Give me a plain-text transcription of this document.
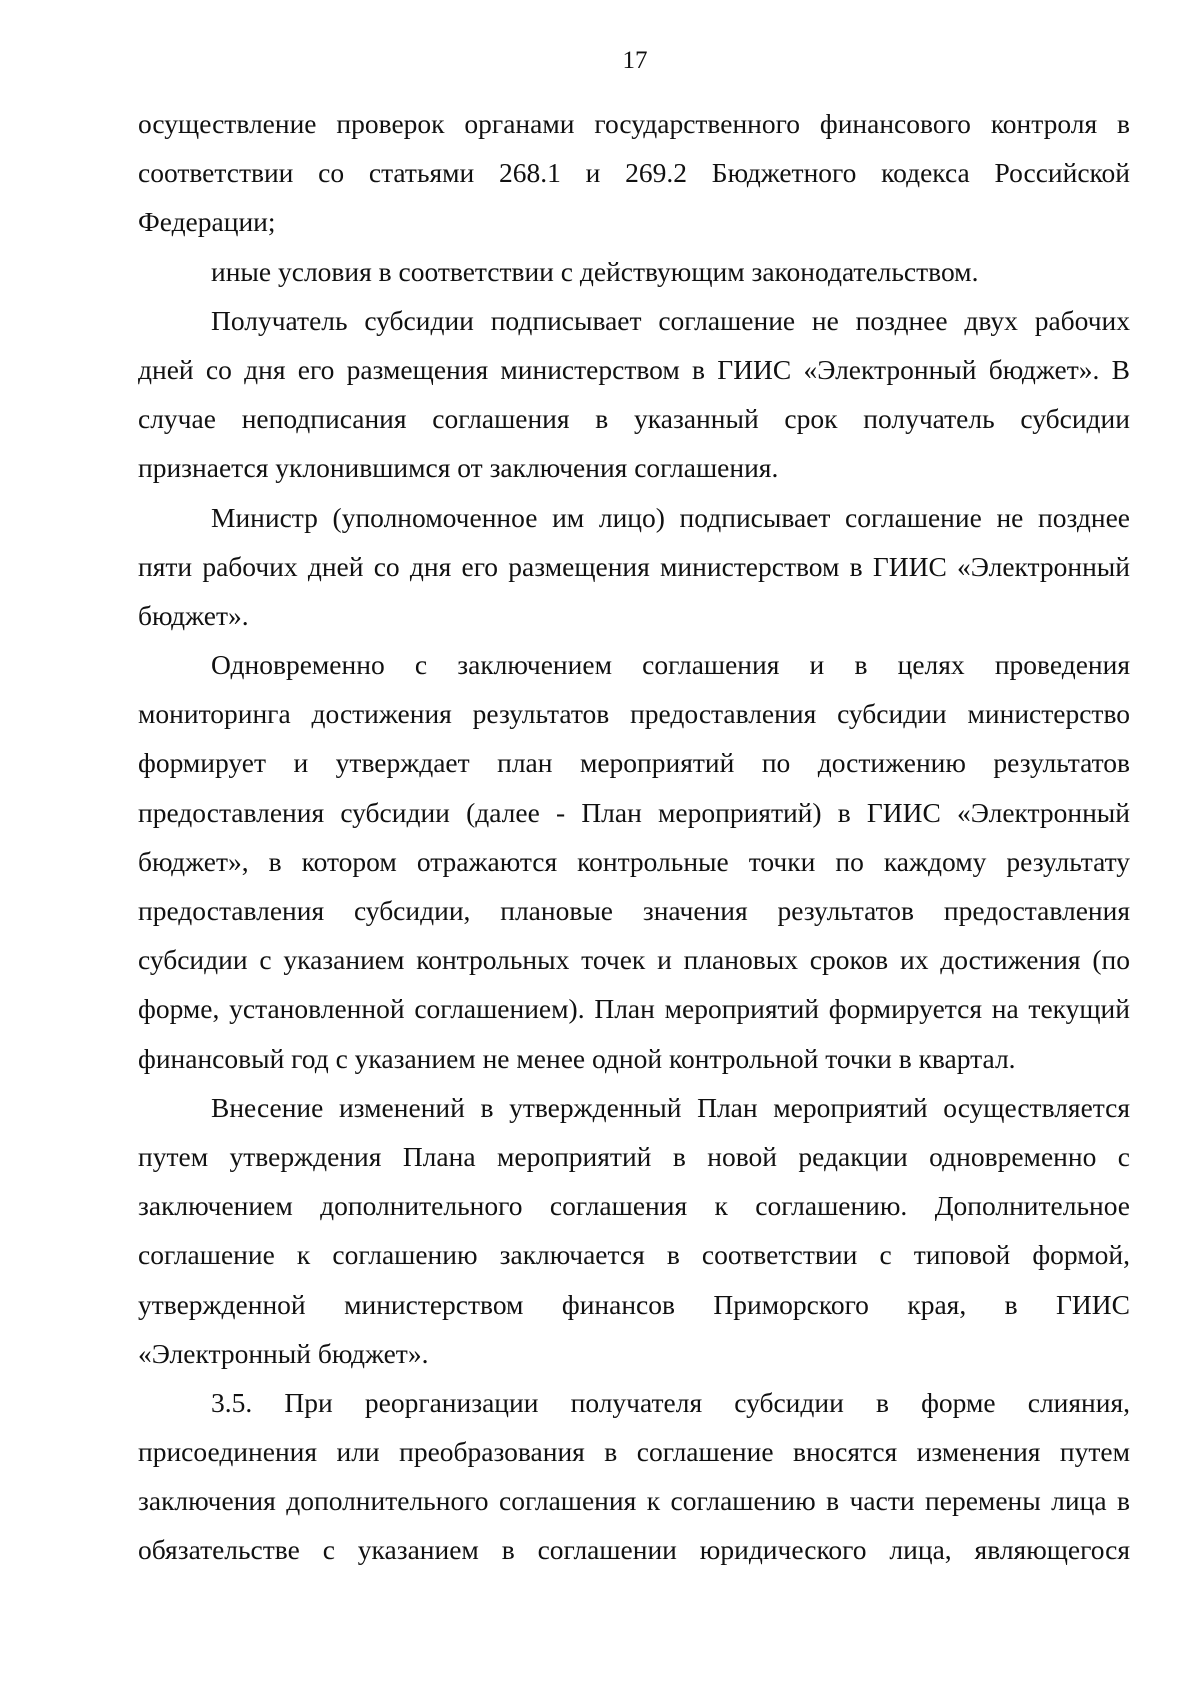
17
осуществление проверок органами государственного финансового контроля в
соответствии со статьями 268.1 и 269.2 Бюджетного кодекса Российской
Федерации;
иные условия в соответствии с действующим законодательством.
Получатель субсидии подписывает соглашение не позднее двух рабочих
дней со дня его размещения министерством в ГИИС «Электронный бюджет». В
случае неподписания соглашения в указанный срок получатель субсидии
признается уклонившимся от заключения соглашения.
Министр (уполномоченное им лицо) подписывает соглашение не позднее
пяти рабочих дней со дня его размещения министерством в ГИИС «Электронный
бюджет».
Одновременно с заключением соглашения и в целях проведения
мониторинга достижения результатов предоставления субсидии министерство
формирует и утверждает план мероприятий по достижению результатов
предоставления субсидии (далее - План мероприятий) в ГИИС «Электронный
бюджет», в котором отражаются контрольные точки по каждому результату
предоставления субсидии, плановые значения результатов предоставления
субсидии с указанием контрольных точек и плановых сроков их достижения (по
форме, установленной соглашением). План мероприятий формируется на текущий
финансовый год с указанием не менее одной контрольной точки в квартал.
Внесение изменений в утвержденный План мероприятий осуществляется
путем утверждения Плана мероприятий в новой редакции одновременно с
заключением дополнительного соглашения к соглашению. Дополнительное
соглашение к соглашению заключается в соответствии с типовой формой,
утвержденной министерством финансов Приморского края, в ГИИС
«Электронный бюджет».
3.5. При реорганизации получателя субсидии в форме слияния,
присоединения или преобразования в соглашение вносятся изменения путем
заключения дополнительного соглашения к соглашению в части перемены лица в
обязательстве с указанием в соглашении юридического лица, являющегося
